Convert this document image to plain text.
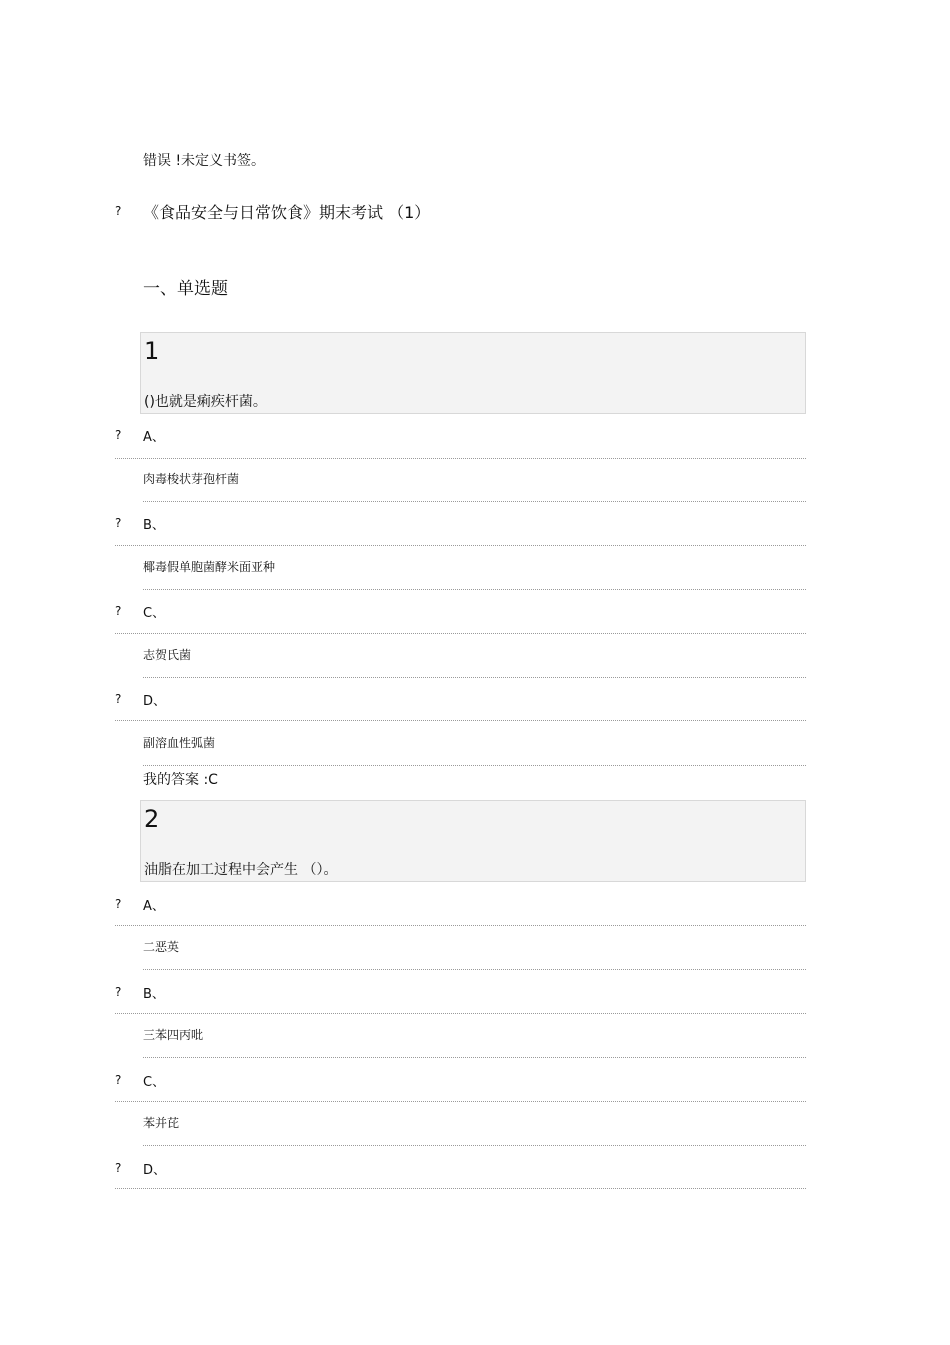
错误 !未定义书签。
? 《食品安全与日常饮食》期末考试 （1）
一、单选题
1
()也就是痢疾杆菌。
? A、
肉毒梭状芽孢杆菌
? B、
椰毒假单胞菌酵米面亚种
? C、
志贺氏菌
? D、
副溶血性弧菌
我的答案 :C
2
油脂在加工过程中会产生 （）。
? A、
二恶英
? B、
三苯四丙吡
? C、
苯并芘
? D、
